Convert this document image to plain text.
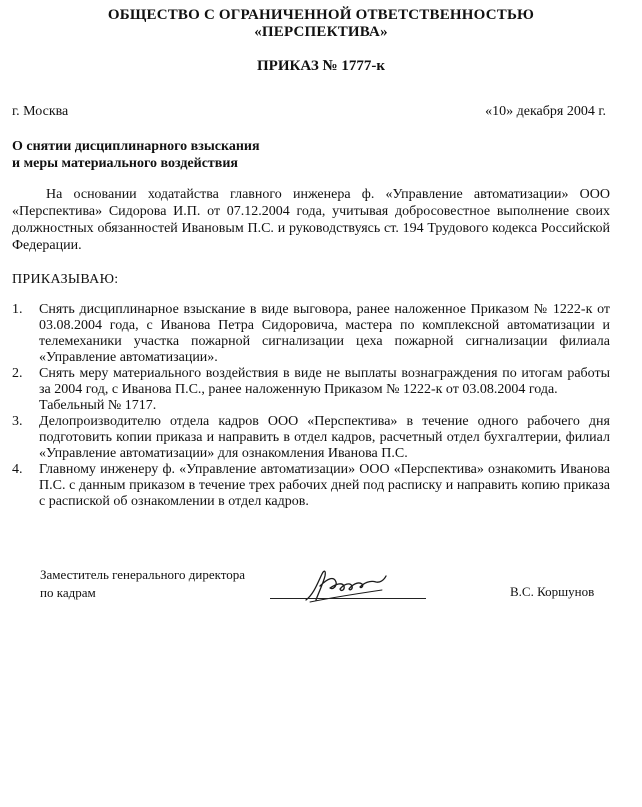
ОБЩЕСТВО С ОГРАНИЧЕННОЙ ОТВЕТСТВЕННОСТЬЮ
«ПЕРСПЕКТИВА»
ПРИКАЗ № 1777-к
г. Москва	«10» декабря 2004 г.
О снятии дисциплинарного взыскания
и меры материального воздействия
На основании ходатайства главного инженера ф. «Управление автоматизации» ООО «Перспектива» Сидорова И.П. от 07.12.2004 года, учитывая добросовестное выполнение своих должностных обязанностей Ивановым П.С. и руководствуясь ст. 194 Трудового кодекса Российской Федерации.
ПРИКАЗЫВАЮ:
1. Снять дисциплинарное взыскание в виде выговора, ранее наложенное Приказом № 1222-к от 03.08.2004 года, с Иванова Петра Сидоровича, мастера по комплексной автоматизации и телемеханики участка пожарной сигнализации цеха пожарной сигнализации филиала «Управление автоматизации».
2. Снять меру материального воздействия в виде не выплаты вознаграждения по итогам работы за 2004 год, с Иванова П.С., ранее наложенную Приказом № 1222-к от 03.08.2004 года.
Табельный № 1717.
3. Делопроизводителю отдела кадров ООО «Перспектива» в течение одного рабочего дня подготовить копии приказа и направить в отдел кадров, расчетный отдел бухгалтерии, филиал «Управление автоматизации» для ознакомления Иванова П.С.
4. Главному инженеру ф. «Управление автоматизации» ООО «Перспектива» ознакомить Иванова П.С. с данным приказом в течение трех рабочих дней под расписку и направить копию приказа с распиской об ознакомлении в отдел кадров.
Заместитель генерального директора
по кадрам	В.С. Коршунов
